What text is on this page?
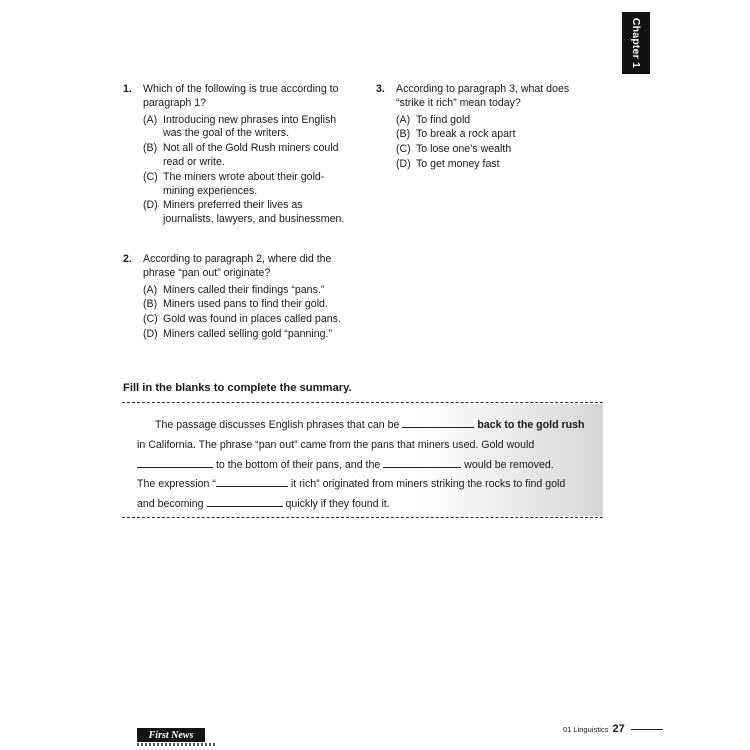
Chapter 1
1.	Which of the following is true according to paragraph 1?
(A) Introducing new phrases into English was the goal of the writers.
(B) Not all of the Gold Rush miners could read or write.
(C) The miners wrote about their gold-mining experiences.
(D) Miners preferred their lives as journalists, lawyers, and businessmen.
2.	According to paragraph 2, where did the phrase “pan out” originate?
(A) Miners called their findings “pans.”
(B) Miners used pans to find their gold.
(C) Gold was found in places called pans.
(D) Miners called selling gold “panning.”
3.	According to paragraph 3, what does “strike it rich” mean today?
(A) To find gold
(B) To break a rock apart
(C) To lose one’s wealth
(D) To get money fast
Fill in the blanks to complete the summary.
The passage discusses English phrases that can be	back to the gold rush
in California. The phrase “pan out” came from the pans that miners used. Gold would
to the bottom of their pans, and the	would be removed.
The expression “	it rich” originated from miners striking the rocks to find gold
and becoming	quickly if they found it.
First News	01 Linguistics 27
